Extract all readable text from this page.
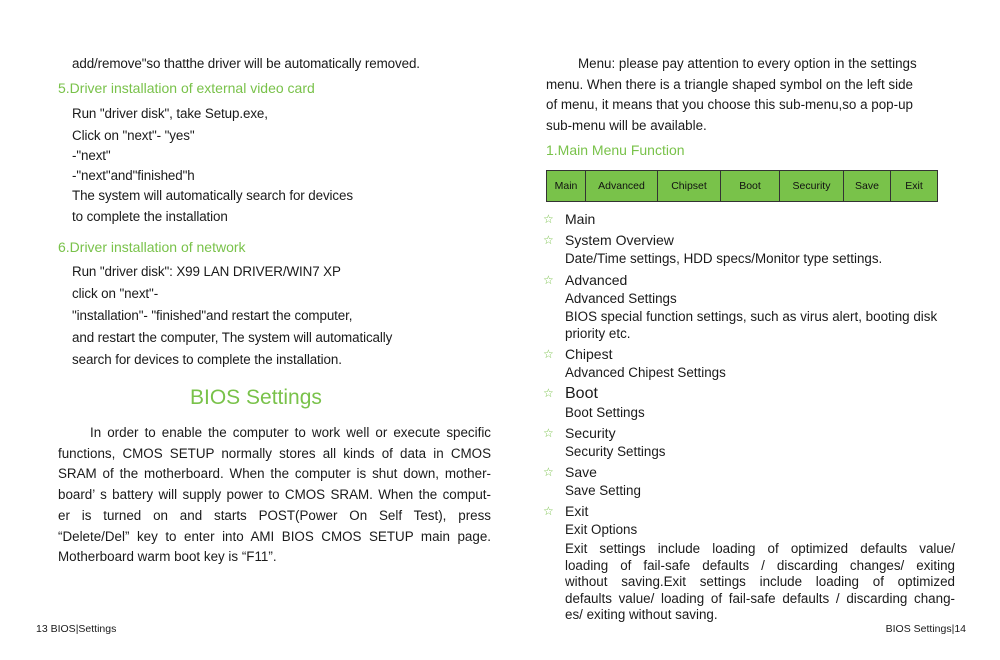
add/remove"so thatthe driver will be automatically removed.
5.Driver installation of external video card
Run "driver disk", take Setup.exe,
Click on "next"- "yes"
-"next"
-"next"and"finished"h
The system will automatically search for devices
to complete the installation
6.Driver installation of network
Run "driver disk": X99 LAN DRIVER/WIN7 XP
click on "next"-
"installation"- "finished"and restart the computer,
and restart the computer, The system will automatically
search for devices to complete the installation.
BIOS Settings
In order to enable the computer to work well or execute specific
functions, CMOS SETUP normally stores all kinds of data in CMOS
SRAM of the motherboard. When the computer is shut down, mother-
board’ s battery will supply power to CMOS SRAM. When the comput-
er is turned on and starts POST(Power On Self Test), press
“Delete/Del” key to enter into AMI BIOS CMOS SETUP main page.
Motherboard warm boot key is “F11”.
13 BIOS|Settings
Menu: please pay attention to every option in the settings
menu. When there is a triangle shaped symbol on the left side
of menu, it means that you choose this sub-menu,so a pop-up
sub-menu will be available.
1.Main Menu Function
Main	Advanced	Chipset	Boot	Security	Save	Exit
☆ Main
☆ System Overview
Date/Time settings, HDD specs/Monitor type settings.
☆ Advanced
Advanced Settings
BIOS special function settings, such as virus alert, booting disk
priority etc.
☆ Chipest
Advanced Chipest Settings
☆ Boot
Boot Settings
☆ Security
Security Settings
☆ Save
Save Setting
☆ Exit
Exit Options
Exit settings include loading of optimized defaults value/
loading of fail-safe defaults / discarding changes/ exiting
without saving.Exit settings include loading of optimized
defaults value/ loading of fail-safe defaults / discarding chang-
es/ exiting without saving.
BIOS Settings|14
